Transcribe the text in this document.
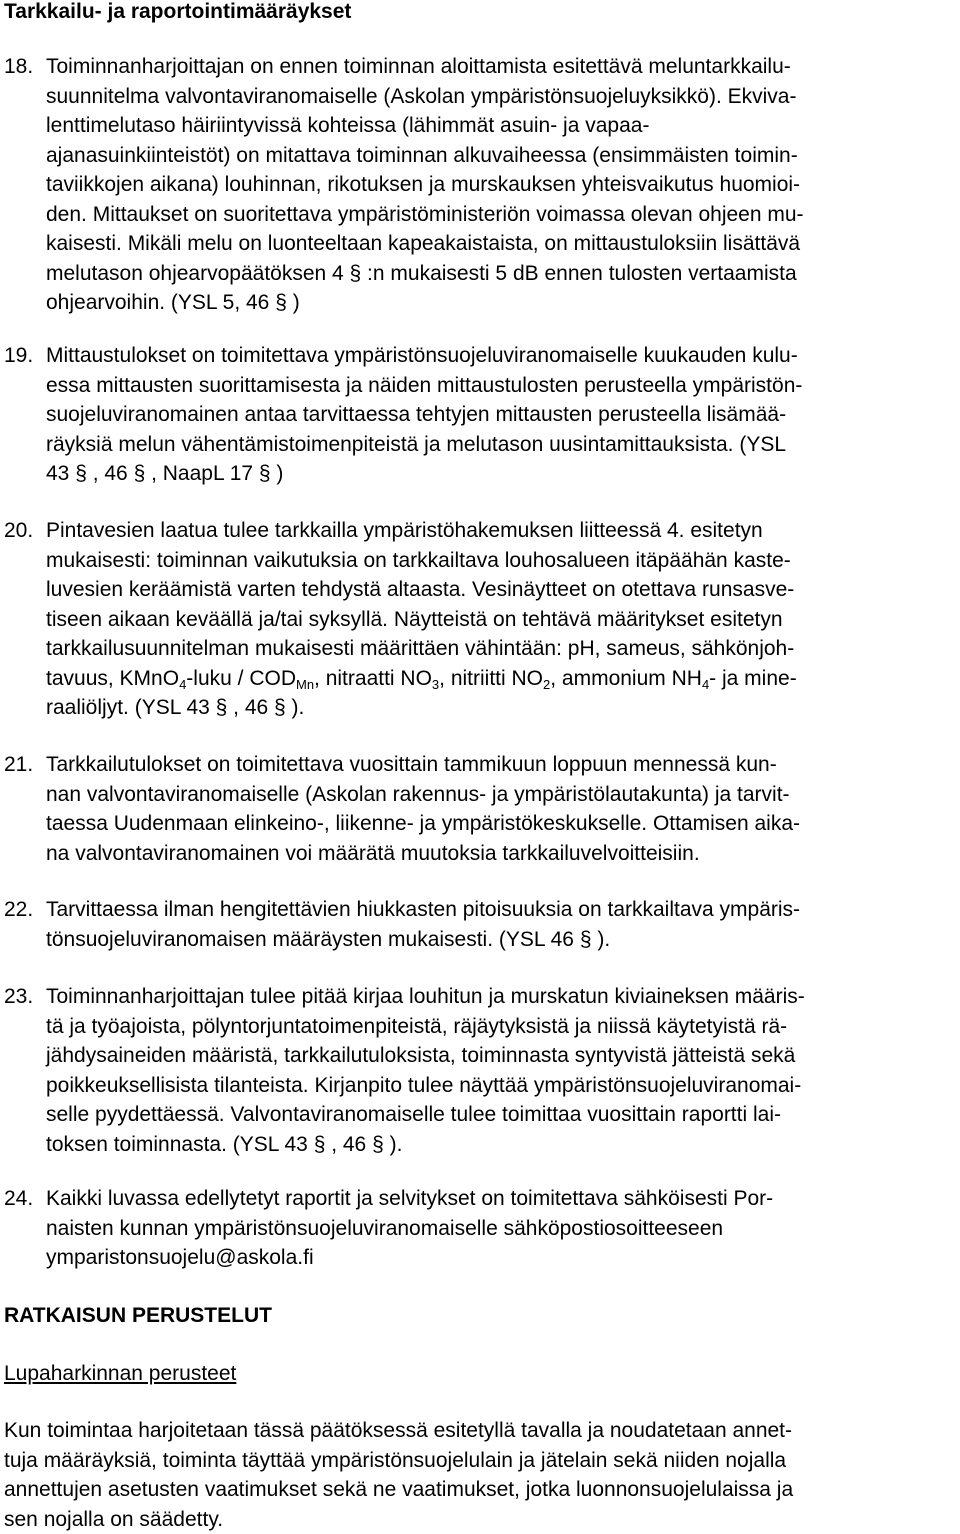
Tarkkailu- ja raportointimääräykset
18. Toiminnanharjoittajan on ennen toiminnan aloittamista esitettävä meluntarkkailu-
suunnitelma valvontaviranomaiselle (Askolan ympäristönsuojeluyksikkö). Ekviva-
lenttimelutaso häiriintyvissä kohteissa (lähimmät asuin- ja vapaa-
ajanasuinkiinteistöt) on mitattava toiminnan alkuvaiheessa (ensimmäisten toimin-
taviikkojen aikana) louhinnan, rikotuksen ja murskauksen yhteisvaikutus huomioi-
den. Mittaukset on suoritettava ympäristöministeriön voimassa olevan ohjeen mu-
kaisesti. Mikäli melu on luonteeltaan kapeakaistaista, on mittaustuloksiin lisättävä
melutason ohjearvopäätöksen 4 § :n mukaisesti 5 dB ennen tulosten vertaamista
ohjearvoihin. (YSL 5, 46 § )
19. Mittaustulokset on toimitettava ympäristönsuojeluviranomaiselle kuukauden kulu-
essa mittausten suorittamisesta ja näiden mittaustulosten perusteella ympäristön-
suojeluviranomainen antaa tarvittaessa tehtyjen mittausten perusteella lisämää-
räyksiä melun vähentämistoimenpiteistä ja melutason uusintamittauksista. (YSL
43 § , 46 § , NaapL 17 § )
20. Pintavesien laatua tulee tarkkailla ympäristöhakemuksen liitteessä 4. esitetyn
mukaisesti: toiminnan vaikutuksia on tarkkailtava louhosalueen itäpäähän kaste-
luvesien keräämistä varten tehdystä altaasta. Vesinäytteet on otettava runsasve-
tiseen aikaan keväällä ja/tai syksyllä. Näytteistä on tehtävä määritykset esitetyn
tarkkailusuunnitelman mukaisesti määrittäen vähintään: pH, sameus, sähkönjoh-
tavuus, KMnO$_4$-luku / $COD_{Mn}$, nitraatti $NO_3$, nitriitti $NO_2$, ammonium $NH_4-$ ja mine-
raaliöljyt. (YSL 43 § , 46 § ).
21. Tarkkailutulokset on toimitettava vuosittain tammikuun loppuun mennessä kun-
nan valvontaviranomaiselle (Askolan rakennus- ja ympäristölautakunta) ja tarvit-
taessa Uudenmaan elinkeino-, liikenne- ja ympäristökeskukselle. Ottamisen aika-
na valvontaviranomainen voi määrätä muutoksia tarkkailuvelvoitteisiin.
22. Tarvittaessa ilman hengitettävien hiukkasten pitoisuuksia on tarkkailtava ympäris-
tönsuojeluviranomaisen määräysten mukaisesti. (YSL 46 § ).
23. Toiminnanharjoittajan tulee pitää kirjaa louhitun ja murskatun kiviaineksen määris-
tä ja työajoista, pölyntorjuntatoimenpiteistä, räjäytyksistä ja niissä käytetyistä rä-
jähdysaineiden määristä, tarkkailutuloksista, toiminnasta syntyvistä jätteistä sekä
poikkeuksellisista tilanteista. Kirjanpito tulee näyttää ympäristönsuojeluviranomai-
selle pyydettäessä. Valvontaviranomaiselle tulee toimittaa vuosittain raportti lai-
toksen toiminnasta. (YSL 43 § , 46 § ).
24. Kaikki luvassa edellytetyt raportit ja selvitykset on toimitettava sähköisesti Por-
naisten kunnan ympäristönsuojeluviranomaiselle sähköpostiosoitteeseen
ymparistonsuojelu@askola.fi
RATKAISUN PERUSTELUT
Lupaharkinnan perusteet
Kun toimintaa harjoitetaan tässä päätöksessä esitetyllä tavalla ja noudatetaan annet-
tuja määräyksiä, toiminta täyttää ympäristönsuojelulain ja jätelain sekä niiden nojalla
annettujen asetusten vaatimukset sekä ne vaatimukset, jotka luonnonsuojelulaissa ja
sen nojalla on säädetty.
